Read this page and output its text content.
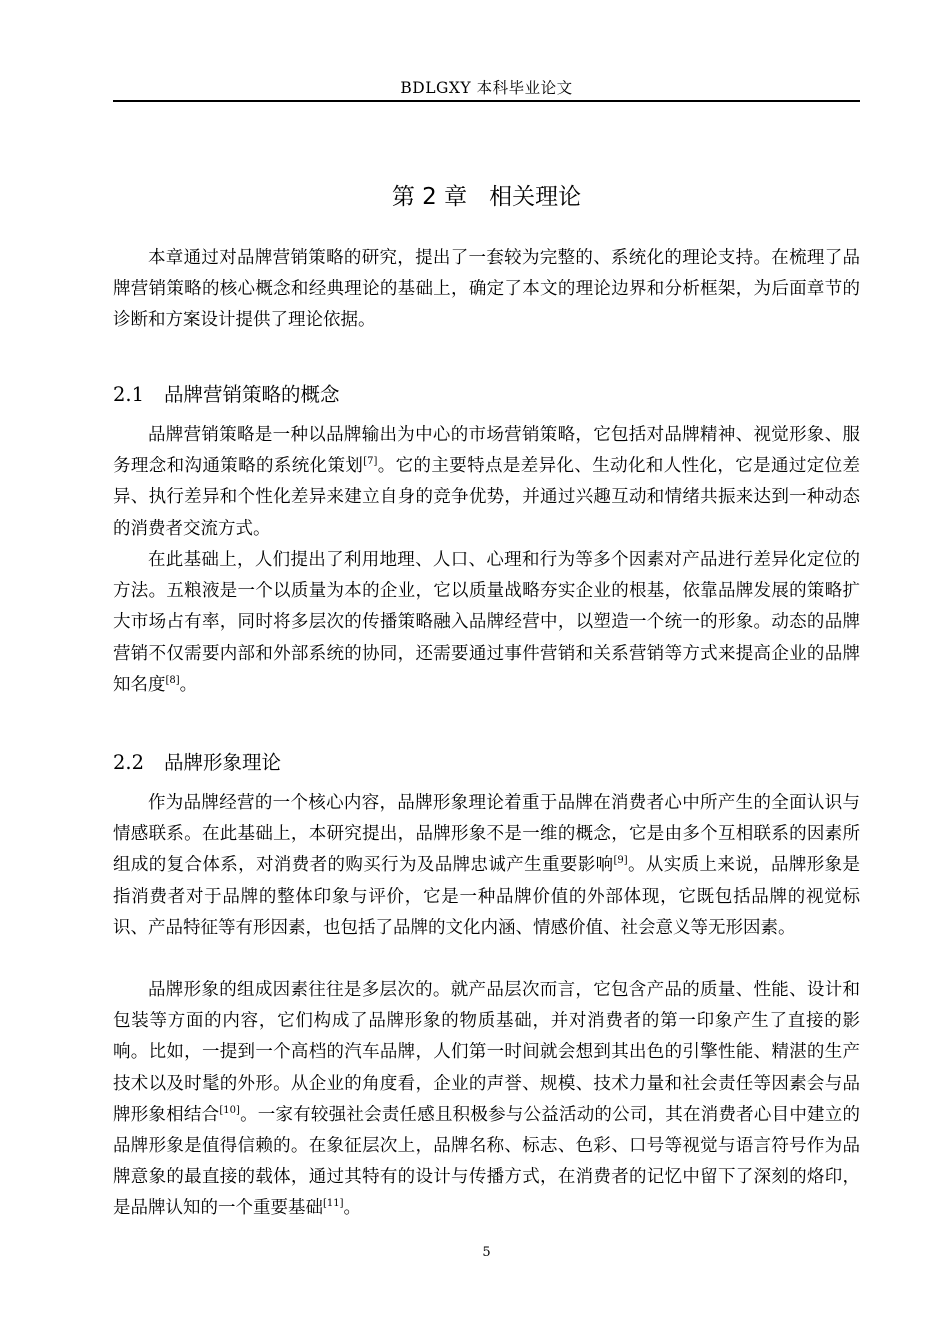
BDLGXY 本科毕业论文
第 2 章 相关理论

本章通过对品牌营销策略的研究，提出了一套较为完整的、系统化的理论支持。在梳理了品牌营销策略的核心概念和经典理论的基础上，确定了本文的理论边界和分析框架，为后面章节的诊断和方案设计提供了理论依据。

2.1 品牌营销策略的概念

品牌营销策略是一种以品牌输出为中心的市场营销策略，它包括对品牌精神、视觉形象、服务理念和沟通策略的系统化策划[7]。它的主要特点是差异化、生动化和人性化，它是通过定位差异、执行差异和个性化差异来建立自身的竞争优势，并通过兴趣互动和情绪共振来达到一种动态的消费者交流方式。

在此基础上，人们提出了利用地理、人口、心理和行为等多个因素对产品进行差异化定位的方法。五粮液是一个以质量为本的企业，它以质量战略夯实企业的根基，依靠品牌发展的策略扩大市场占有率，同时将多层次的传播策略融入品牌经营中，以塑造一个统一的形象。动态的品牌营销不仅需要内部和外部系统的协同，还需要通过事件营销和关系营销等方式来提高企业的品牌知名度[8]。

2.2 品牌形象理论

作为品牌经营的一个核心内容，品牌形象理论着重于品牌在消费者心中所产生的全面认识与情感联系。在此基础上，本研究提出，品牌形象不是一维的概念，它是由多个互相联系的因素所组成的复合体系，对消费者的购买行为及品牌忠诚产生重要影响[9]。从实质上来说，品牌形象是指消费者对于品牌的整体印象与评价，它是一种品牌价值的外部体现，它既包括品牌的视觉标识、产品特征等有形因素，也包括了品牌的文化内涵、情感价值、社会意义等无形因素。

品牌形象的组成因素往往是多层次的。就产品层次而言，它包含产品的质量、性能、设计和包装等方面的内容，它们构成了品牌形象的物质基础，并对消费者的第一印象产生了直接的影响。比如，一提到一个高档的汽车品牌，人们第一时间就会想到其出色的引擎性能、精湛的生产技术以及时髦的外形。从企业的角度看，企业的声誉、规模、技术力量和社会责任等因素会与品牌形象相结合[10]。一家有较强社会责任感且积极参与公益活动的公司，其在消费者心目中建立的品牌形象是值得信赖的。在象征层次上，品牌名称、标志、色彩、口号等视觉与语言符号作为品牌意象的最直接的载体，通过其特有的设计与传播方式，在消费者的记忆中留下了深刻的烙印，是品牌认知的一个重要基础[11]。

5
